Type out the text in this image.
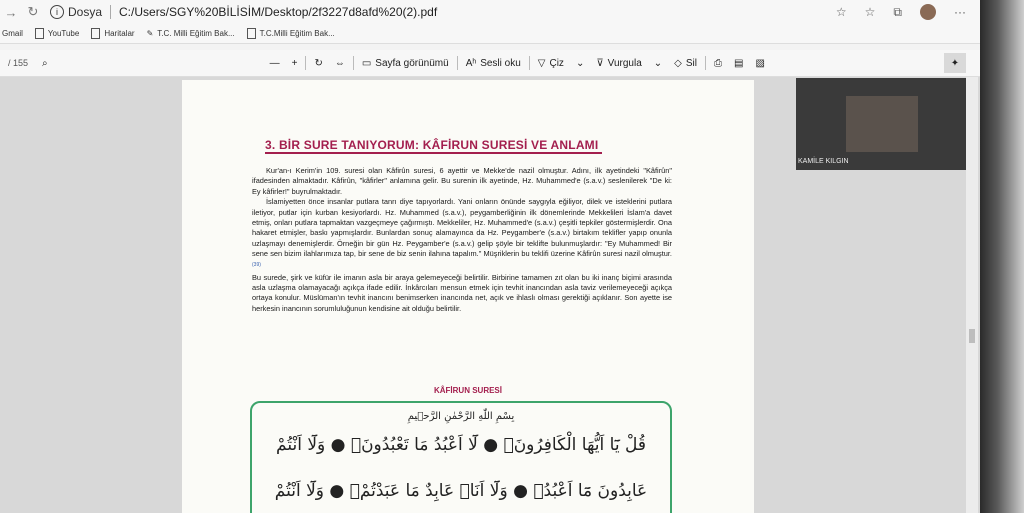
→ ↻	i Dosya C:/Users/SGY%20BİLİSİM/Desktop/2f3227d8afd%20(2).pdf	☆ ☆ ⧉	···
Gmail	YouTube	Haritalar ✎ T.C. Milli Eğitim Bak...	T.C.Milli Eğitim Bak...
/ 155	⌕	—	+	↻	⇔	▭ Sayfa görünümü Aʰ Sesli oku ▽ Çiz	⌄	⊽ Vurgula	⌄	◇ Sil	⎙	▤	▧	✦
3. BİR SURE TANIYORUM: KÂFİRUN SURESİ VE ANLAMI

Kur'an-ı Kerim'in 109. suresi olan Kâfirûn suresi, 6 ayettir ve Mekke'de nazil olmuştur. Adını, ilk ayetindeki "Kâfirûn" ifadesinden almaktadır. Kâfirûn, "kâfirler" anlamına gelir. Bu surenin ilk ayetinde, Hz. Muhammed'e (s.a.v.) seslenilerek "De ki: Ey kâfirler!" buyrulmaktadır.

İslamiyetten önce insanlar putlara tanrı diye tapıyorlardı. Yani onların önünde saygıyla eğiliyor, dilek ve isteklerini putlara iletiyor, putlar için kurban kesiyorlardı. Hz. Muhammed (s.a.v.), peygamberliğinin ilk dönemlerinde Mekkelileri İslam'a davet etmiş, onları putlara tapmaktan vazgeçmeye çağırmıştı. Mekkeliler, Hz. Muhammed'e (s.a.v.) çeşitli tepkiler göstermişlerdir. Ona hakaret etmişler, baskı yapmışlardır. Bunlardan sonuç alamayınca da Hz. Peygamber'e (s.a.v.) birtakım teklifler yapıp onunla uzlaşmayı denemişlerdir. Örneğin bir gün Hz. Peygamber'e (s.a.v.) gelip şöyle bir teklifte bulunmuşlardır: "Ey Muhammed! Bir sene sen bizim ilahlarımıza tap, bir sene de biz senin ilahına tapalım." Müşriklerin bu teklifi üzerine Kâfirûn suresi nazil olmuştur.$^{(39)}$

Bu surede, şirk ve küfür ile imanın asla bir araya gelemeyeceği belirtilir. Birbirine tamamen zıt olan bu iki inanç biçimi arasında asla uzlaşma olamayacağı açıkça ifade edilir. İnkârcıları mensun etmek için tevhit inancından asla taviz verilemeyeceği açıkça ortaya konulur. Müslüman'ın tevhit inancını benimserken inancında net, açık ve ihlaslı olması gerektiği açıklanır. Son ayette ise herkesin inancının sorumluluğunun kendisine ait olduğu belirtilir.

KÂFİRUN SURESİ
بِسْمِ اللّٰهِ الرَّحْمٰنِ الرَّح۪يمِ
قُلْ يَٓا اَيُّهَا الْكَافِرُونَۙ ● لَٓا اَعْبُدُ مَا تَعْبُدُونَۙ ● وَلَٓا اَنْتُمْ
عَابِدُونَ مَٓا اَعْبُدُۚ ● وَلَٓا اَنَا۬ عَابِدٌ مَا عَبَدْتُمْۙ ● وَلَٓا اَنْتُمْ
KAMİLE KILGIN
